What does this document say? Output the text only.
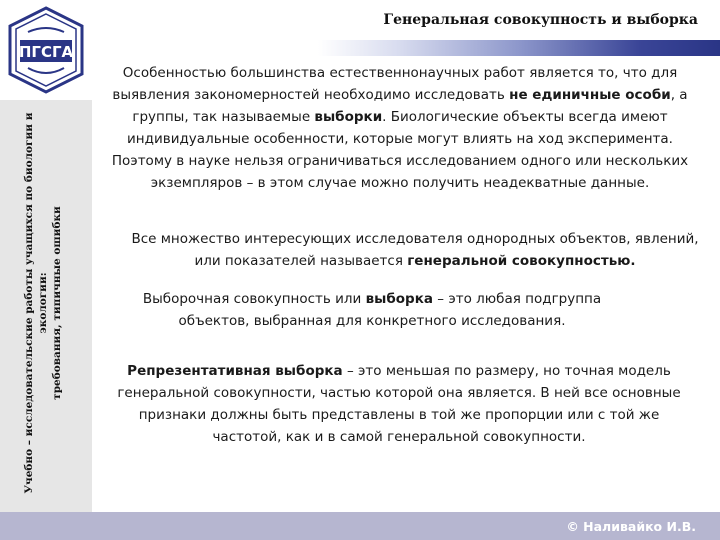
ПГСГА
Учебно – исследовательские работы учащихся по биологии и экологии: требования, типичные ошибки
Генеральная совокупность и выборка
Особенностью большинства естественнонаучных работ является то, что для выявления закономерностей необходимо исследовать не единичные особи, а группы, так называемые выборки. Биологические объекты всегда имеют индивидуальные особенности, которые могут влиять на ход эксперимента. Поэтому в науке нельзя ограничиваться исследованием одного или нескольких экземпляров – в этом случае можно получить неадекватные данные.
Все множество интересующих исследователя однородных объектов, явлений, или показателей называется генеральной совокупностью.
Выборочная совокупность или выборка – это любая подгруппа объектов, выбранная для конкретного исследования.
Репрезентативная выборка – это меньшая по размеру, но точная модель генеральной совокупности, частью которой она является. В ней все основные признаки должны быть представлены в той же пропорции или с той же частотой, как и в самой генеральной совокупности.
© Наливайко И.В.
